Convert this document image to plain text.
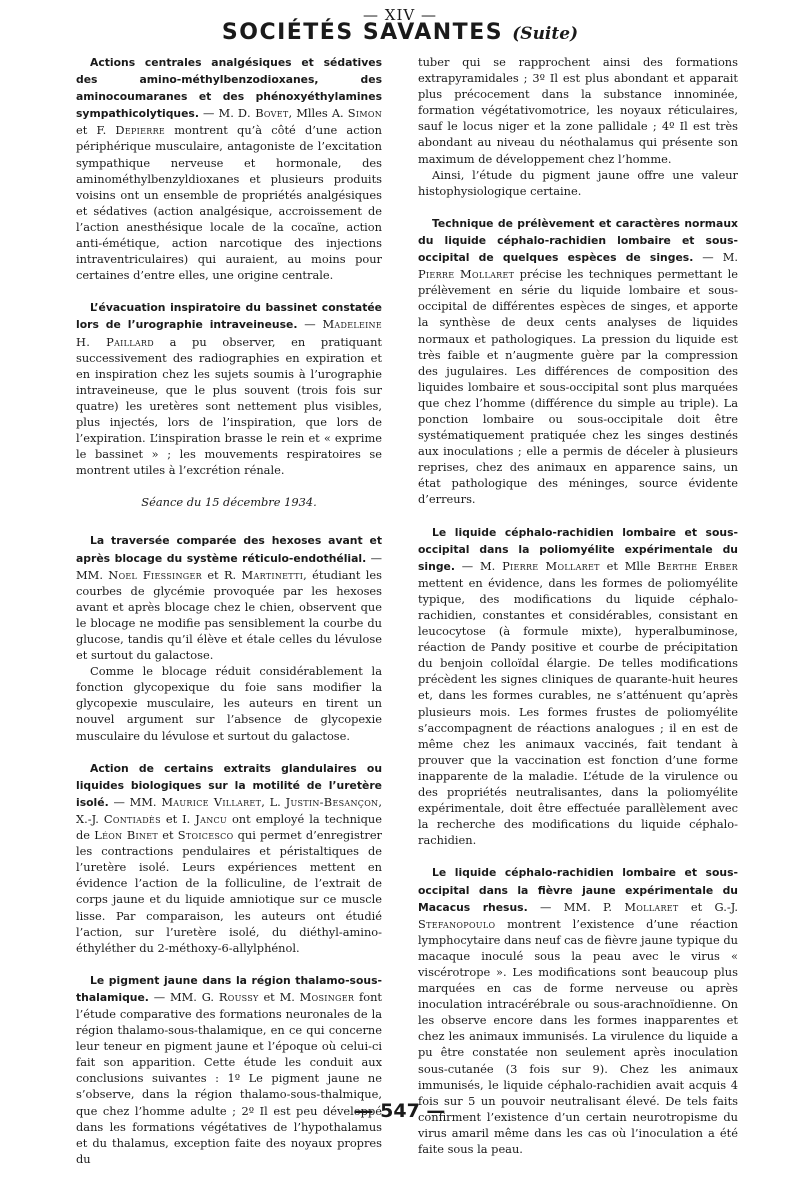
— XIV —
SOCIÉTÉS SAVANTES (Suite)

Actions centrales analgésiques et sédatives des amino-méthylbenzodioxanes, des aminocoumaranes et des phénoxyéthylamines sympathicolytiques. — M. D. Bovet, Mlles A. Simon et F. Depierre montrent qu’à côté d’une action périphérique musculaire, antagoniste de l’excitation sympathique nerveuse et hormonale, des aminométhylbenzyldioxanes et plusieurs produits voisins ont un ensemble de propriétés analgésiques et sédatives (action analgésique, accroissement de l’action anesthésique locale de la cocaïne, action anti-émétique, action narcotique des injections intraventriculaires) qui auraient, au moins pour certaines d’entre elles, une origine centrale.

L’évacuation inspiratoire du bassinet constatée lors de l’urographie intraveineuse. — Madeleine H. Paillard a pu observer, en pratiquant successivement des radiographies en expiration et en inspiration chez les sujets soumis à l’urographie intraveineuse, que le plus souvent (trois fois sur quatre) les uretères sont nettement plus visibles, plus injectés, lors de l’inspiration, que lors de l’expiration. L’inspiration brasse le rein et « exprime le bassinet » ; les mouvements respiratoires se montrent utiles à l’excrétion rénale.

Séance du 15 décembre 1934.

La traversée comparée des hexoses avant et après blocage du système réticulo-endothélial. — MM. Noel Fiessinger et R. Martinetti, étudiant les courbes de glycémie provoquée par les hexoses avant et après blocage chez le chien, observent que le blocage ne modifie pas sensiblement la courbe du glucose, tandis qu’il élève et étale celles du lévulose et surtout du galactose.

Comme le blocage réduit considérablement la fonction glycopexique du foie sans modifier la glycopexie musculaire, les auteurs en tirent un nouvel argument sur l’absence de glycopexie musculaire du lévulose et surtout du galactose.

Action de certains extraits glandulaires ou liquides biologiques sur la motilité de l’uretère isolé. — MM. Maurice Villaret, L. Justin-Besançon, X.-J. Contiadès et I. Jancu ont employé la technique de Léon Binet et Stoicesco qui permet d’enregistrer les contractions pendulaires et péristaltiques de l’uretère isolé. Leurs expériences mettent en évidence l’action de la folliculine, de l’extrait de corps jaune et du liquide amniotique sur ce muscle lisse. Par comparaison, les auteurs ont étudié l’action, sur l’uretère isolé, du diéthyl-amino-éthyléther du 2-méthoxy-6-allylphénol.

Le pigment jaune dans la région thalamo-sous-thalamique. — MM. G. Roussy et M. Mosinger font l’étude comparative des formations neuronales de la région thalamo-sous-thalamique, en ce qui concerne leur teneur en pigment jaune et l’époque où celui-ci fait son apparition. Cette étude les conduit aux conclusions suivantes : 1º Le pigment jaune ne s’observe, dans la région thalamo-sous-thalmique, que chez l’homme adulte ; 2º Il est peu développé dans les formations végétatives de l’hypothalamus et du thalamus, exception faite des noyaux propres du

tuber qui se rapprochent ainsi des formations extrapyramidales ; 3º Il est plus abondant et apparait plus précocement dans la substance innominée, formation végétativomotrice, les noyaux réticulaires, sauf le locus niger et la zone pallidale ; 4º Il est très abondant au niveau du néothalamus qui présente son maximum de développement chez l’homme.

Ainsi, l’étude du pigment jaune offre une valeur histophysiologique certaine.

Technique de prélèvement et caractères normaux du liquide céphalo-rachidien lombaire et sous-occipital de quelques espèces de singes. — M. Pierre Mollaret précise les techniques permettant le prélèvement en série du liquide lombaire et sous-occipital de différentes espèces de singes, et apporte la synthèse de deux cents analyses de liquides normaux et pathologiques. La pression du liquide est très faible et n’augmente guère par la compression des jugulaires. Les différences de composition des liquides lombaire et sous-occipital sont plus marquées que chez l’homme (différence du simple au triple). La ponction lombaire ou sous-occipitale doit être systématiquement pratiquée chez les singes destinés aux inoculations ; elle a permis de déceler à plusieurs reprises, chez des animaux en apparence sains, un état pathologique des méninges, source évidente d’erreurs.

Le liquide céphalo-rachidien lombaire et sous-occipital dans la poliomyélite expérimentale du singe. — M. Pierre Mollaret et Mlle Berthe Erber mettent en évidence, dans les formes de poliomyélite typique, des modifications du liquide céphalo-rachidien, constantes et considérables, consistant en leucocytose (à formule mixte), hyperalbuminose, réaction de Pandy positive et courbe de précipitation du benjoin colloïdal élargie. De telles modifications précèdent les signes cliniques de quarante-huit heures et, dans les formes curables, ne s’atténuent qu’après plusieurs mois. Les formes frustes de poliomyélite s’accompagnent de réactions analogues ; il en est de même chez les animaux vaccinés, fait tendant à prouver que la vaccination est fonction d’une forme inapparente de la maladie. L’étude de la virulence ou des propriétés neutralisantes, dans la poliomyélite expérimentale, doit être effectuée parallèlement avec la recherche des modifications du liquide céphalo-rachidien.

Le liquide céphalo-rachidien lombaire et sous-occipital dans la fièvre jaune expérimentale du Macacus rhesus. — MM. P. Mollaret et G.-J. Stefanopoulo montrent l’existence d’une réaction lymphocytaire dans neuf cas de fièvre jaune typique du macaque inoculé sous la peau avec le virus « viscérotrope ». Les modifications sont beaucoup plus marquées en cas de forme nerveuse ou après inoculation intracérébrale ou sous-arachnoïdienne. On les observe encore dans les formes inapparentes et chez les animaux immunisés. La virulence du liquide a pu être constatée non seulement après inoculation sous-cutanée (3 fois sur 9). Chez les animaux immunisés, le liquide céphalo-rachidien avait acquis 4 fois sur 5 un pouvoir neutralisant élevé. De tels faits confirment l’existence d’un certain neurotropisme du virus amaril même dans les cas où l’inoculation a été faite sous la peau.

— 547 —
